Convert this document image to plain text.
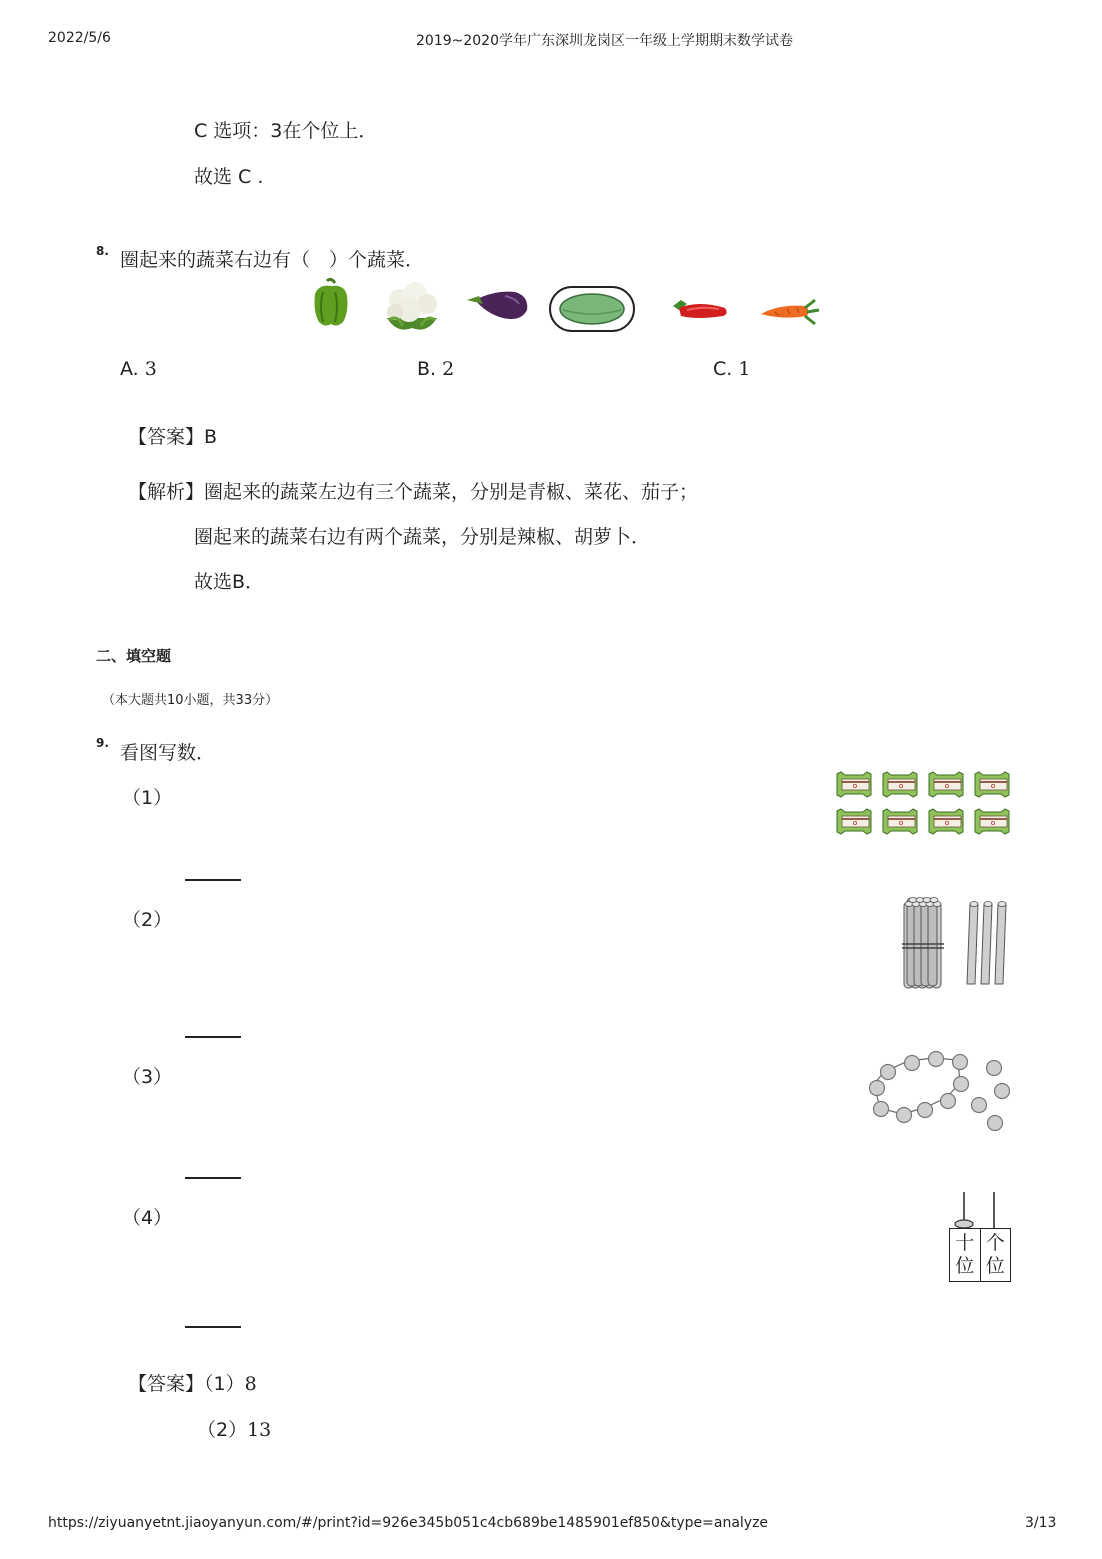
2022/5/6	2019~2020学年广东深圳龙岗区一年级上学期期末数学试卷
C 选项：3在个位上．
故选 C .
8. 圈起来的蔬菜右边有（　）个蔬菜．
A. 3	B. 2	C. 1
【答案】B
【解析】圈起来的蔬菜左边有三个蔬菜，分别是青椒、菜花、茄子；
圈起来的蔬菜右边有两个蔬菜，分别是辣椒、胡萝卜．
故选B．
二、填空题
（本大题共10小题，共33分）
9. 看图写数．
（1）
（2）
（3）
（4）
十
位
个
位
【答案】（1）8
（2）13
https://ziyuanyetnt.jiaoyanyun.com/#/print?id=926e345b051c4cb689be1485901ef850&type=analyze	3/13
